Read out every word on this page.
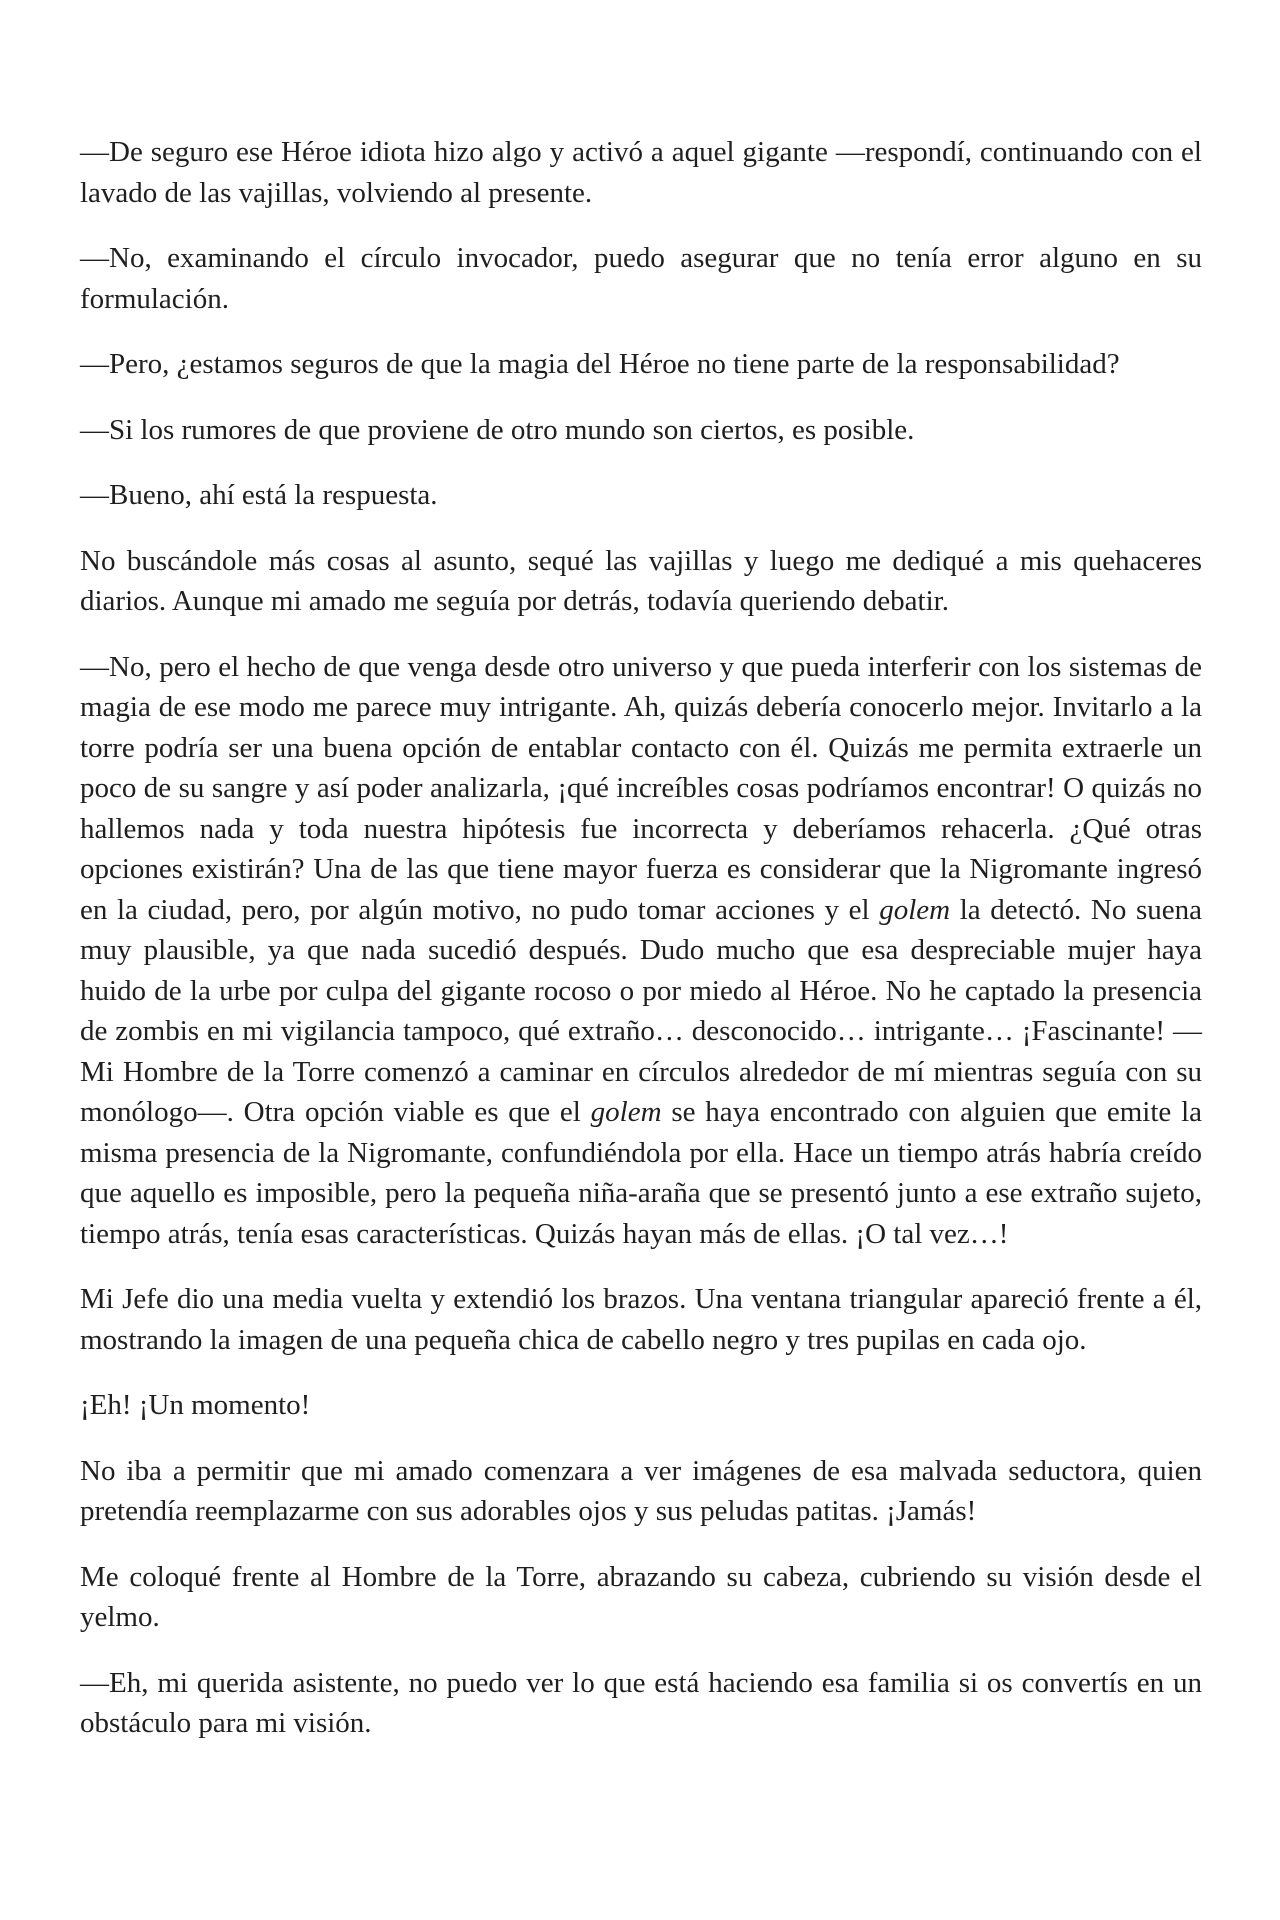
—De seguro ese Héroe idiota hizo algo y activó a aquel gigante —respondí, continuando con el lavado de las vajillas, volviendo al presente.

—No, examinando el círculo invocador, puedo asegurar que no tenía error alguno en su formulación.

—Pero, ¿estamos seguros de que la magia del Héroe no tiene parte de la responsabilidad?

—Si los rumores de que proviene de otro mundo son ciertos, es posible.

—Bueno, ahí está la respuesta.

No buscándole más cosas al asunto, sequé las vajillas y luego me dediqué a mis quehaceres diarios. Aunque mi amado me seguía por detrás, todavía queriendo debatir.

—No, pero el hecho de que venga desde otro universo y que pueda interferir con los sistemas de magia de ese modo me parece muy intrigante. Ah, quizás debería conocerlo mejor. Invitarlo a la torre podría ser una buena opción de entablar contacto con él. Quizás me permita extraerle un poco de su sangre y así poder analizarla, ¡qué increíbles cosas podríamos encontrar! O quizás no hallemos nada y toda nuestra hipótesis fue incorrecta y deberíamos rehacerla. ¿Qué otras opciones existirán? Una de las que tiene mayor fuerza es considerar que la Nigromante ingresó en la ciudad, pero, por algún motivo, no pudo tomar acciones y el golem la detectó. No suena muy plausible, ya que nada sucedió después. Dudo mucho que esa despreciable mujer haya huido de la urbe por culpa del gigante rocoso o por miedo al Héroe. No he captado la presencia de zombis en mi vigilancia tampoco, qué extraño… desconocido… intrigante… ¡Fascinante! —Mi Hombre de la Torre comenzó a caminar en círculos alrededor de mí mientras seguía con su monólogo—. Otra opción viable es que el golem se haya encontrado con alguien que emite la misma presencia de la Nigromante, confundiéndola por ella. Hace un tiempo atrás habría creído que aquello es imposible, pero la pequeña niña-araña que se presentó junto a ese extraño sujeto, tiempo atrás, tenía esas características. Quizás hayan más de ellas. ¡O tal vez…!

Mi Jefe dio una media vuelta y extendió los brazos. Una ventana triangular apareció frente a él, mostrando la imagen de una pequeña chica de cabello negro y tres pupilas en cada ojo.

¡Eh! ¡Un momento!

No iba a permitir que mi amado comenzara a ver imágenes de esa malvada seductora, quien pretendía reemplazarme con sus adorables ojos y sus peludas patitas. ¡Jamás!

Me coloqué frente al Hombre de la Torre, abrazando su cabeza, cubriendo su visión desde el yelmo.

—Eh, mi querida asistente, no puedo ver lo que está haciendo esa familia si os convertís en un obstáculo para mi visión.
